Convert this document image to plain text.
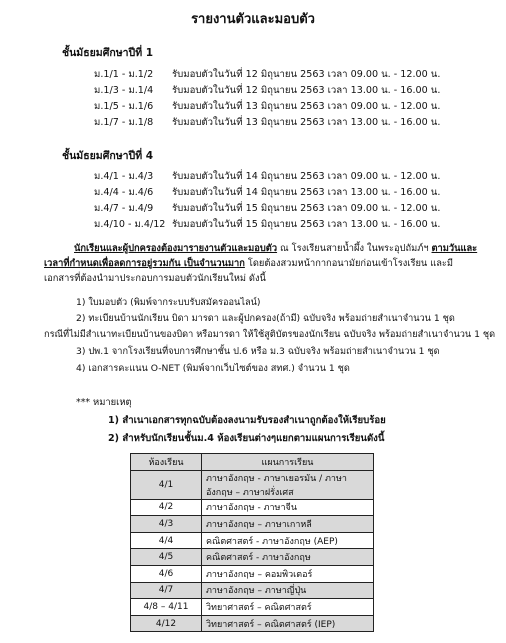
รายงานตัวและมอบตัว
ชั้นมัธยมศึกษาปีที่ 1
ม.1/1 - ม.1/2 รับมอบตัวในวันที่ 12 มิถุนายน 2563 เวลา 09.00 น. - 12.00 น.
ม.1/3 - ม.1/4 รับมอบตัวในวันที่ 12 มิถุนายน 2563 เวลา 13.00 น. - 16.00 น.
ม.1/5 - ม.1/6 รับมอบตัวในวันที่ 13 มิถุนายน 2563 เวลา 09.00 น. - 12.00 น.
ม.1/7 - ม.1/8 รับมอบตัวในวันที่ 13 มิถุนายน 2563 เวลา 13.00 น. - 16.00 น.
ชั้นมัธยมศึกษาปีที่ 4
ม.4/1 - ม.4/3 รับมอบตัวในวันที่ 14 มิถุนายน 2563 เวลา 09.00 น. - 12.00 น.
ม.4/4 - ม.4/6 รับมอบตัวในวันที่ 14 มิถุนายน 2563 เวลา 13.00 น. - 16.00 น.
ม.4/7 - ม.4/9 รับมอบตัวในวันที่ 15 มิถุนายน 2563 เวลา 09.00 น. - 12.00 น.
ม.4/10 - ม.4/12 รับมอบตัวในวันที่ 15 มิถุนายน 2563 เวลา 13.00 น. - 16.00 น.
นักเรียนและผู้ปกครองต้องมารายงานตัวและมอบตัว ณ โรงเรียนสายน้ำผึ้ง ในพระอุปถัมภ์ฯ ตามวันและ
เวลาที่กำหนดเพื่อลดการอยู่รวมกัน เป็นจำนวนมาก โดยต้องสวมหน้ากากอนามัยก่อนเข้าโรงเรียน และมี
เอกสารที่ต้องนำมาประกอบการมอบตัวนักเรียนใหม่ ดังนี้
1) ใบมอบตัว (พิมพ์จากระบบรับสมัครออนไลน์)
2) ทะเบียนบ้านนักเรียน บิดา มารดา และผู้ปกครอง(ถ้ามี) ฉบับจริง พร้อมถ่ายสำเนาจำนวน 1 ชุด
กรณีที่ไม่มีสำเนาทะเบียนบ้านของบิดา หรือมารดา ให้ใช้สูติบัตรของนักเรียน ฉบับจริง พร้อมถ่ายสำเนาจำนวน 1 ชุด
3) ปพ.1 จากโรงเรียนที่จบการศึกษาชั้น ป.6 หรือ ม.3 ฉบับจริง พร้อมถ่ายสำเนาจำนวน 1 ชุด
4) เอกสารคะแนน O-NET (พิมพ์จากเว็บไซต์ของ สทศ.) จำนวน 1 ชุด
*** หมายเหตุ
1) สำเนาเอกสารทุกฉบับต้องลงนามรับรองสำเนาถูกต้องให้เรียบร้อย
2) สำหรับนักเรียนชั้นม.4 ห้องเรียนต่างๆแยกตามแผนการเรียนดังนี้
ห้องเรียน	แผนการเรียน
4/1	ภาษาอังกฤษ - ภาษาเยอรมัน / ภาษาอังกฤษ – ภาษาฝรั่งเศส
4/2	ภาษาอังกฤษ - ภาษาจีน
4/3	ภาษาอังกฤษ – ภาษาเกาหลี
4/4	คณิตศาสตร์ - ภาษาอังกฤษ (AEP)
4/5	คณิตศาสตร์ - ภาษาอังกฤษ
4/6	ภาษาอังกฤษ – คอมพิวเตอร์
4/7	ภาษาอังกฤษ – ภาษาญี่ปุ่น
4/8 – 4/11	วิทยาศาสตร์ – คณิตศาสตร์
4/12	วิทยาศาสตร์ – คณิตศาสตร์ (IEP)
